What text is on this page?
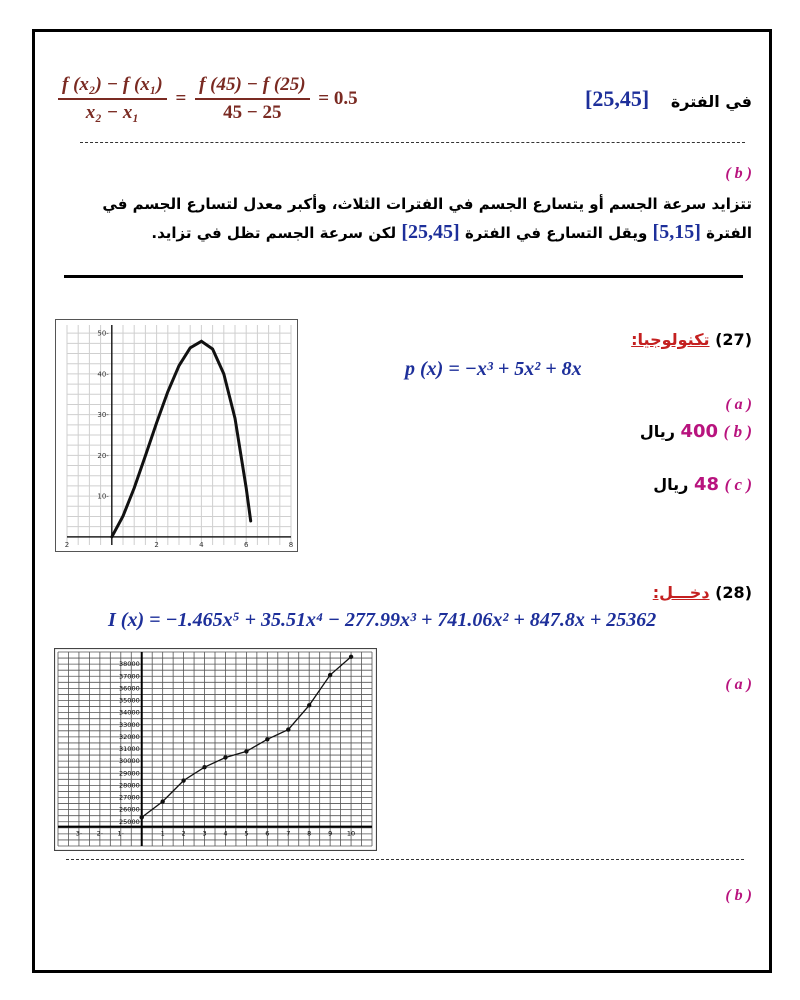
$\frac{\text{f (x₂) − f (x₁)}}{\text{x₂ − x₁}} = \frac{f (45) - f (25)}{45 - 25} = 0.5$	[25,45] في الفترة
( b )
تتزايد سرعة الجسم أو يتسارع الجسم في الفترات الثلاث، وأكبر معدل لتسارع الجسم في
الفترة [5,15] ويقل التسارع في الفترة [25,45] لكن سرعة الجسم تظل في تزايد.
50-
40-
30-
20-
10-
2	2	4	6	8
(27) تكنولوجيا:
p (x) = −x³ + 5x² + 8x
( a )
( b ) 400 ريال
( c ) 48 ريال
(28) دخـــل:
I (x) = −1.465x⁵ + 35.51x⁴ − 277.99x³ + 741.06x² + 847.8x + 25362
38000
37000
36000
35000
34000
33000
32000
31000
30000
29000
28000
27000
26000
25000
3- 2- 1-	1	2	3	4	5	6	7	8	9 10
( a )
( b )
